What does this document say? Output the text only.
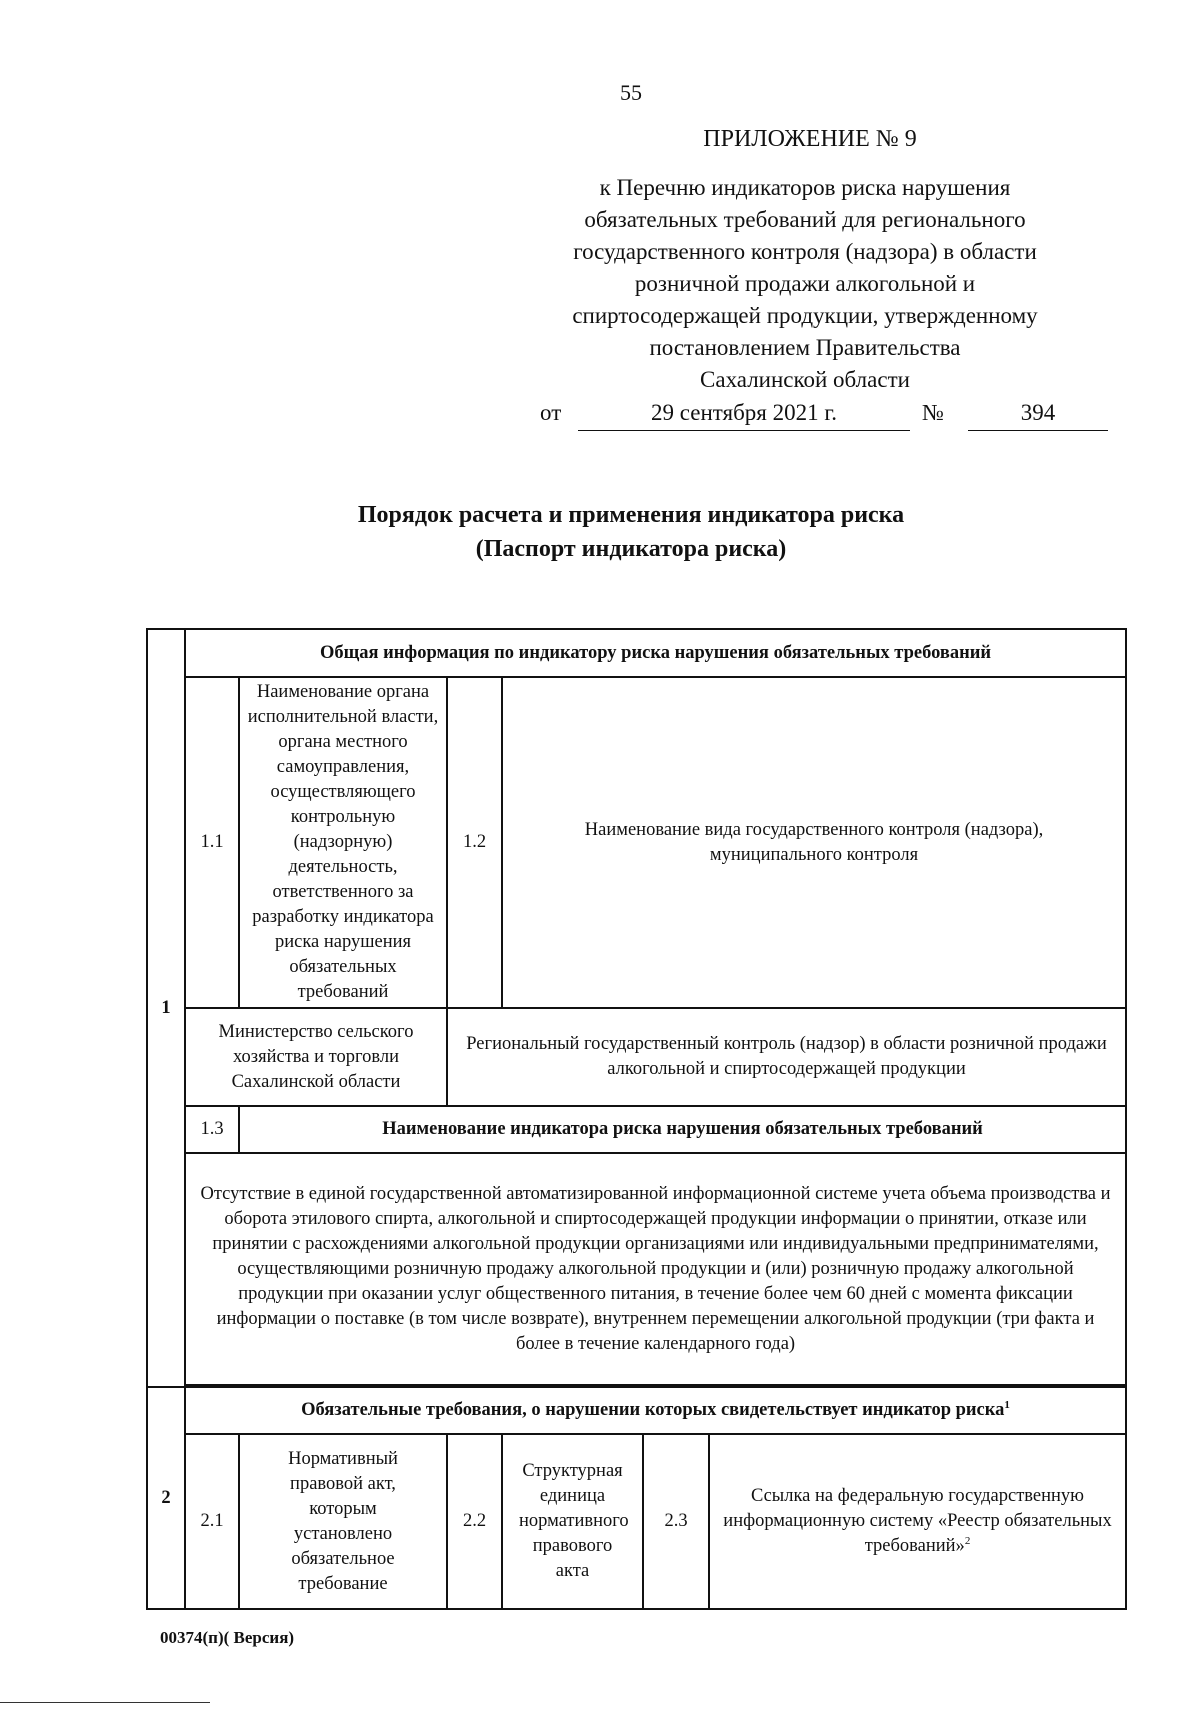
55
ПРИЛОЖЕНИЕ № 9
к Перечню индикаторов риска нарушения
обязательных требований для регионального
государственного контроля (надзора) в области
розничной продажи алкогольной и
спиртосодержащей продукции, утвержденному
постановлением Правительства
Сахалинской области
от	29 сентября 2021 г.	№	394
Порядок расчета и применения индикатора риска
(Паспорт индикатора риска)
1	Общая информация по индикатору риска нарушения обязательных требований					
	1.1	Наименование органа исполнительной власти, органа местного самоуправления, осуществляющего контрольную (надзорную) деятельность, ответственного за разработку индикатора риска нарушения обязательных требований	1.2	Наименование вида государственного контроля (надзора), муниципального контроля		
	Министерство сельского хозяйства и торговли Сахалинской области		Региональный государственный контроль (надзор) в области розничной продажи алкогольной и спиртосодержащей продукции			
	1.3	Наименование индикатора риска нарушения обязательных требований				
	Отсутствие в единой государственной автоматизированной информационной системе учета объема производства и оборота этилового спирта, алкогольной и спиртосодержащей продукции информации о принятии, отказе или принятии с расхождениями алкогольной продукции организациями или индивидуальными предпринимателями, осуществляющими розничную продажу алкогольной продукции и (или) розничную продажу алкогольной продукции при оказании услуг общественного питания, в течение более чем 60 дней с момента фиксации информации о поставке (в том числе возврате), внутреннем перемещении алкогольной продукции (три факта и более в течение календарного года)					

2	Обязательные требования, о нарушении которых свидетельствует индикатор риска$^1$
	2.1	Нормативный правовой акт, которым установлено обязательное требование	2.2	Структурная единица нормативного правового акта	2.3	Ссылка на федеральную государственную информационную систему «Реестр обязательных требований»$^2$
00374(п)( Версия)
